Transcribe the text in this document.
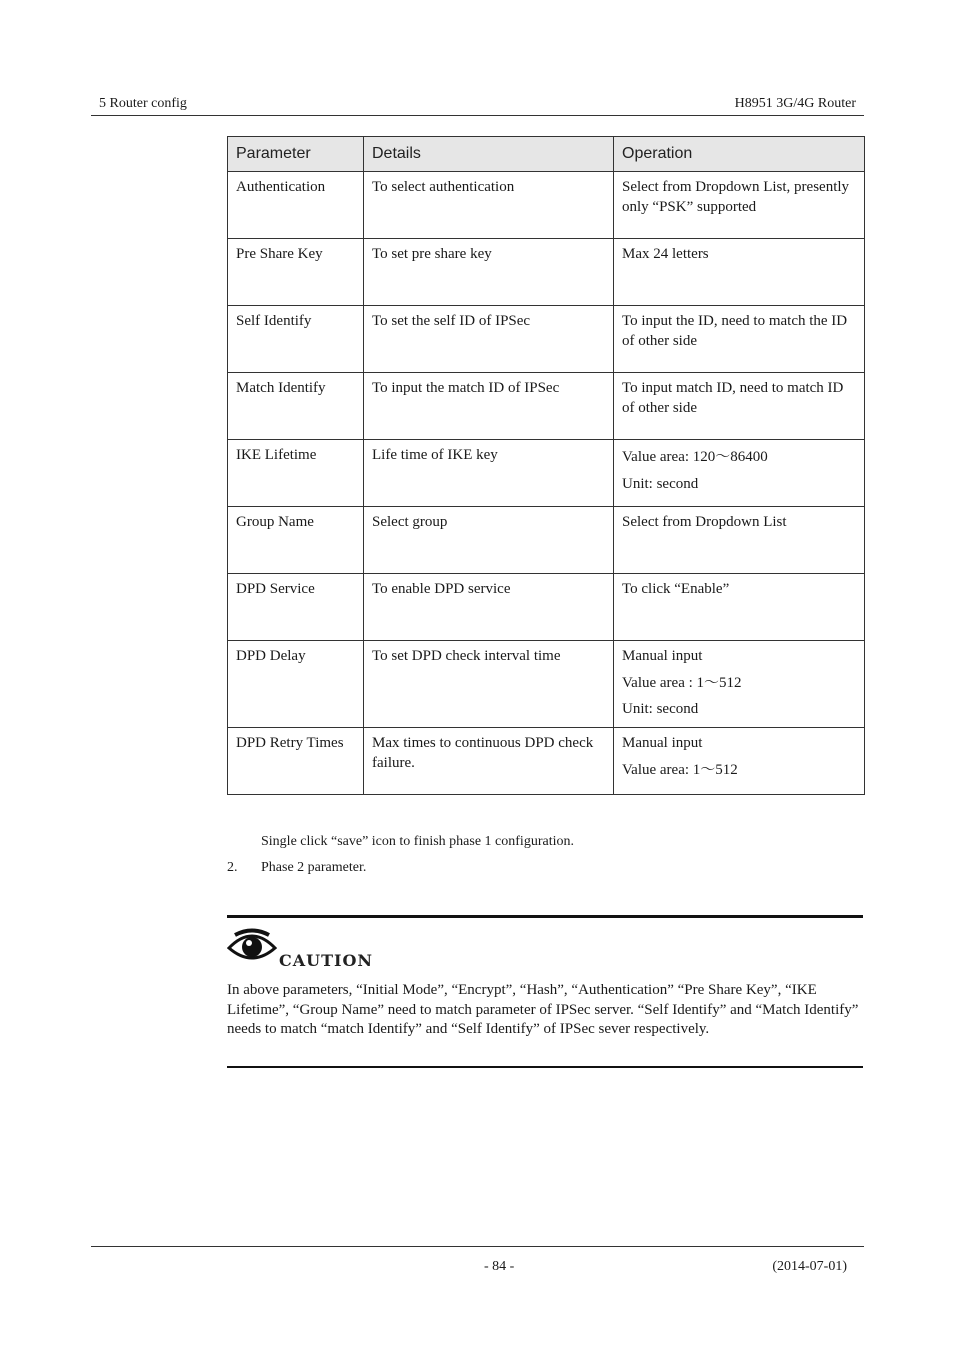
5 Router config	H8951 3G/4G Router
Parameter	Details	Operation
Authentication	To select authentication	Select from Dropdown List, presently only “PSK” supported

Pre Share Key	To set pre share key	Max 24 letters

Self Identify	To set the self ID of IPSec	To input the ID, need to match the ID of other side

Match Identify	To input the match ID of IPSec	To input match ID, need to match ID of other side

IKE Lifetime	Life time of IKE key	Value area: 120～86400
Unit: second

Group Name	Select group	Select from Dropdown List

DPD Service	To enable DPD service	To click “Enable”

DPD Delay	To set DPD check interval time	Manual input
Value area : 1～512
Unit: second

DPD Retry Times	Max times to continuous DPD check failure.	Manual input
Value area: 1～512
Single click “save” icon to finish phase 1 configuration.
2. Phase 2 parameter.
CAUTION
In above parameters, “Initial Mode”, “Encrypt”, “Hash”, “Authentication” “Pre Share Key”, “IKE Lifetime”, “Group Name” need to match parameter of IPSec server. “Self Identify” and “Match Identify” needs to match “match Identify” and “Self Identify” of IPSec sever respectively.
- 84 -	(2014-07-01)
